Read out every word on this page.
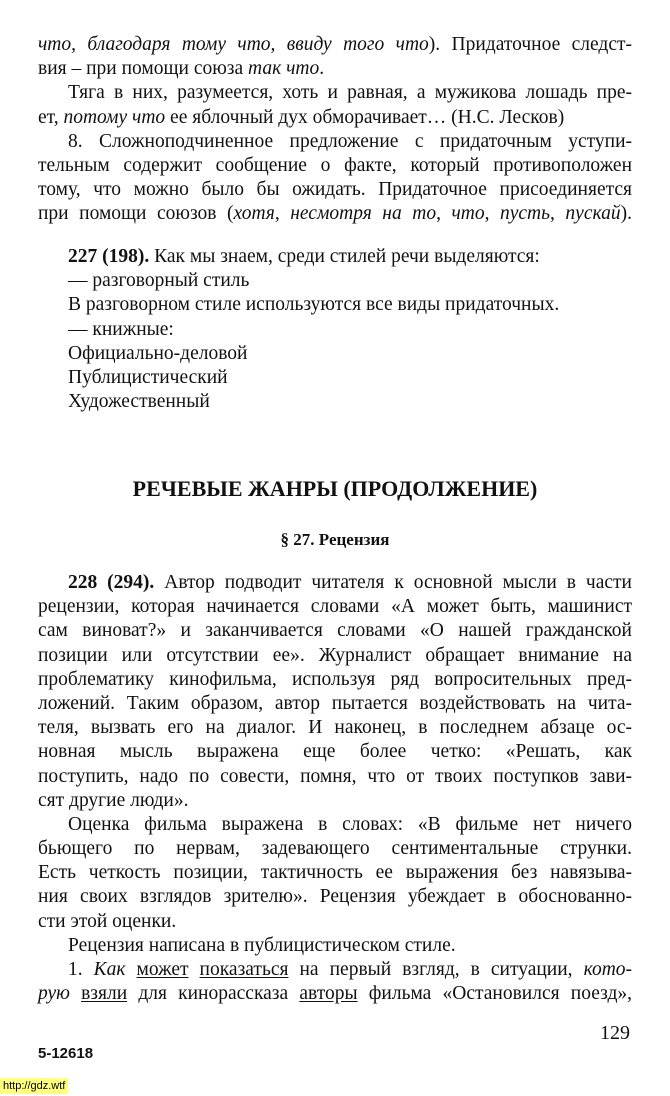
что, благодаря тому что, ввиду того что). Придаточное следст-
вия – при помощи союза так что.
Тяга в них, разумеется, хоть и равная, а мужикова лошадь пре-
ет, потому что ее яблочный дух обморачивает… (Н.С. Лесков)
8. Сложноподчиненное предложение с придаточным уступи-
тельным содержит сообщение о факте, который противоположен
тому, что можно было бы ожидать. Придаточное присоединяется
при помощи союзов (хотя, несмотря на то, что, пусть, пускай).
227 (198). Как мы знаем, среди стилей речи выделяются:
— разговорный стиль
В разговорном стиле используются все виды придаточных.
— книжные:
Официально-деловой
Публицистический
Художественный
РЕЧЕВЫЕ ЖАНРЫ (ПРОДОЛЖЕНИЕ)
§ 27. Рецензия
228 (294). Автор подводит читателя к основной мысли в части
рецензии, которая начинается словами «А может быть, машинист
сам виноват?» и заканчивается словами «О нашей гражданской
позиции или отсутствии ее». Журналист обращает внимание на
проблематику кинофильма, используя ряд вопросительных пред-
ложений. Таким образом, автор пытается воздействовать на чита-
теля, вызвать его на диалог. И наконец, в последнем абзаце ос-
новная мысль выражена еще более четко: «Решать, как
поступить, надо по совести, помня, что от твоих поступков зави-
сят другие люди».
Оценка фильма выражена в словах: «В фильме нет ничего
бьющего по нервам, задевающего сентиментальные струнки.
Есть четкость позиции, тактичность ее выражения без навязыва-
ния своих взглядов зрителю». Рецензия убеждает в обоснованно-
сти этой оценки.
Рецензия написана в публицистическом стиле.
1. Как может показаться на первый взгляд, в ситуации, кото-
рую взяли для кинорассказа авторы фильма «Остановился поезд»,
129
5-12618
http://gdz.wtf
